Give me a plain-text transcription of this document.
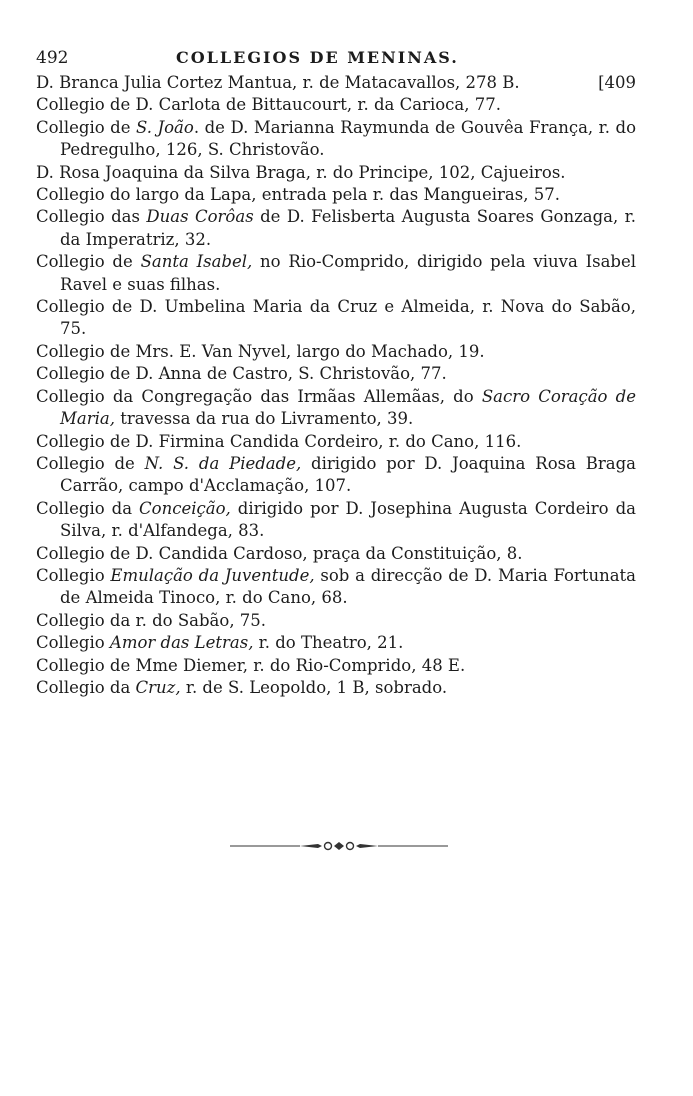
492	COLLEGIOS DE MENINAS.
D. Branca Julia Cortez Mantua, r. de Matacavallos, 278 B.	[409
Collegio de D. Carlota de Bittaucourt, r. da Carioca, 77.
Collegio de S. João. de D. Marianna Raymunda de Gouvêa França, r. do Pedregulho, 126, S. Christovão.
D. Rosa Joaquina da Silva Braga, r. do Principe, 102, Cajueiros.
Collegio do largo da Lapa, entrada pela r. das Mangueiras, 57.
Collegio das Duas Corôas de D. Felisberta Augusta Soares Gonzaga, r. da Imperatriz, 32.
Collegio de Santa Isabel, no Rio-Comprido, dirigido pela viuva Isabel Ravel e suas filhas.
Collegio de D. Umbelina Maria da Cruz e Almeida, r. Nova do Sabão, 75.
Collegio de Mrs. E. Van Nyvel, largo do Machado, 19.
Collegio de D. Anna de Castro, S. Christovão, 77.
Collegio da Congregação das Irmãas Allemãas, do Sacro Coração de Maria, travessa da rua do Livramento, 39.
Collegio de D. Firmina Candida Cordeiro, r. do Cano, 116.
Collegio de N. S. da Piedade, dirigido por D. Joaquina Rosa Braga Carrão, campo d'Acclamação, 107.
Collegio da Conceição, dirigido por D. Josephina Augusta Cordeiro da Silva, r. d'Alfandega, 83.
Collegio de D. Candida Cardoso, praça da Constituição, 8.
Collegio Emulação da Juventude, sob a direcção de D. Maria Fortunata de Almeida Tinoco, r. do Cano, 68.
Collegio da r. do Sabão, 75.
Collegio Amor das Letras, r. do Theatro, 21.
Collegio de Mme Diemer, r. do Rio-Comprido, 48 E.
Collegio da Cruz, r. de S. Leopoldo, 1 B, sobrado.
